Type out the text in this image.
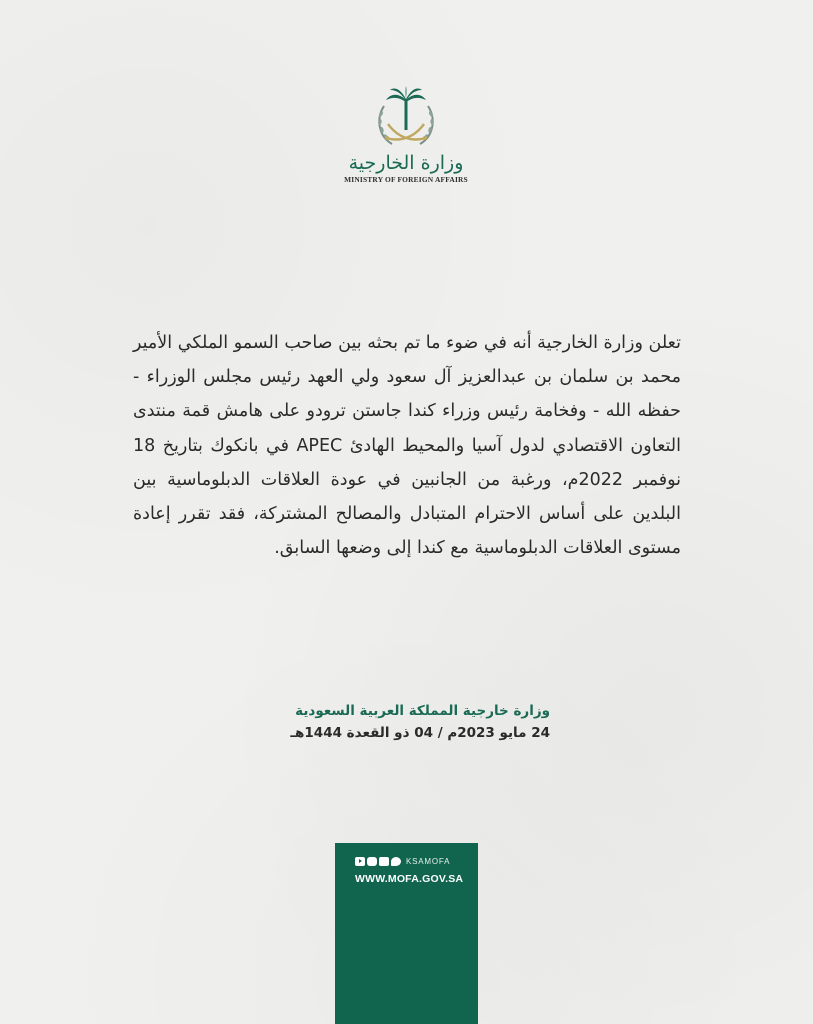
وزارة الخارجية
MINISTRY OF FOREIGN AFFAIRS
تعلن وزارة الخارجية أنه في ضوء ما تم بحثه بين صاحب السمو الملكي الأمير محمد بن سلمان بن عبدالعزيز آل سعود ولي العهد رئيس مجلس الوزراء - حفظه الله - وفخامة رئيس وزراء كندا جاستن ترودو على هامش قمة منتدى التعاون الاقتصادي لدول آسيا والمحيط الهادئ APEC في بانكوك بتاريخ 18 نوفمبر 2022م، ورغبة من الجانبين في عودة العلاقات الدبلوماسية بين البلدين على أساس الاحترام المتبادل والمصالح المشتركة، فقد تقرر إعادة مستوى العلاقات الدبلوماسية مع كندا إلى وضعها السابق.
وزارة خارجية المملكة العربية السعودية
24 مايو 2023م / 04 ذو القعدة 1444هـ
KSAMOFA
WWW.MOFA.GOV.SA
